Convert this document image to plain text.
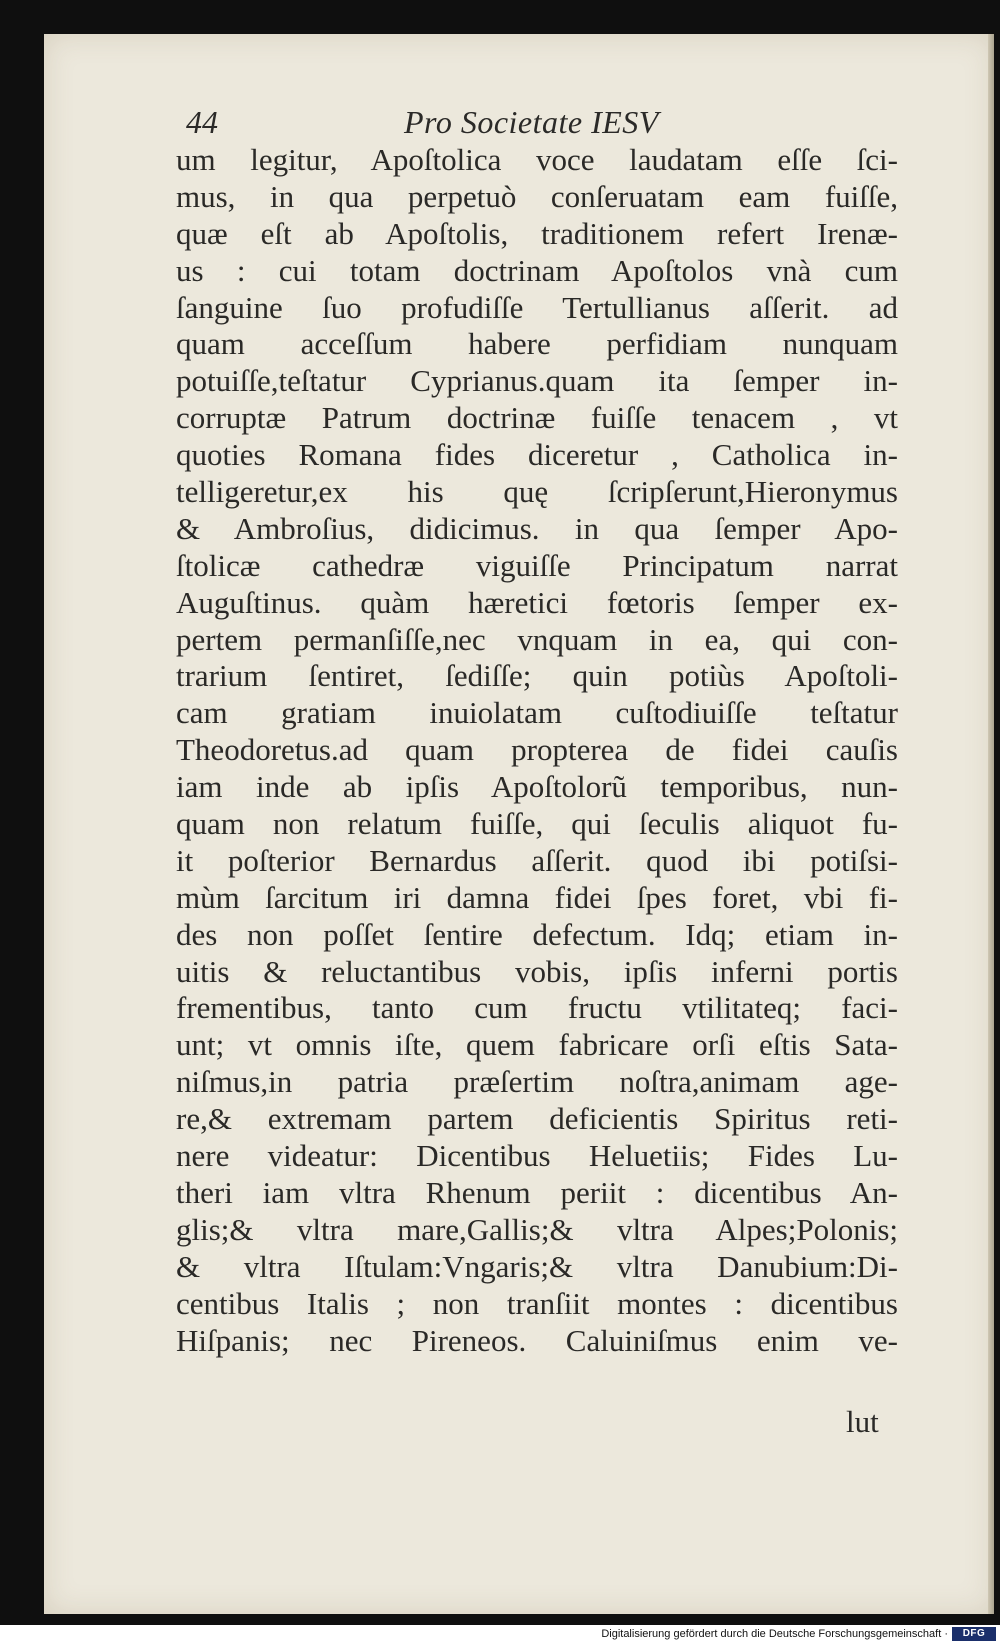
44	Pro Societate IESV
um legitur, Apoſtolica voce laudatam eſſe ſci-
mus, in qua perpetuò conſeruatam eam fuiſſe,
quæ eſt ab Apoſtolis, traditionem refert Irenæ-
us : cui totam doctrinam Apoſtolos vnà cum
ſanguine ſuo profudiſſe Tertullianus aſſerit. ad
quam acceſſum habere perfidiam nunquam
potuiſſe,teſtatur Cyprianus.quam ita ſemper in-
corruptæ Patrum doctrinæ fuiſſe tenacem , vt
quoties Romana fides diceretur , Catholica in-
telligeretur,ex his quę ſcripſerunt,Hieronymus
& Ambroſius, didicimus. in qua ſemper Apo-
ſtolicæ cathedræ viguiſſe Principatum narrat
Auguſtinus. quàm hæretici fœtoris ſemper ex-
pertem permanſiſſe,nec vnquam in ea, qui con-
trarium ſentiret, ſediſſe; quin potiùs Apoſtoli-
cam gratiam inuiolatam cuſtodiuiſſe teſtatur
Theodoretus.ad quam propterea de fidei cauſis
iam inde ab ipſis Apoſtolorũ temporibus, nun-
quam non relatum fuiſſe, qui ſeculis aliquot fu-
it poſterior Bernardus aſſerit. quod ibi potiſsi-
mùm ſarcitum iri damna fidei ſpes foret, vbi fi-
des non poſſet ſentire defectum. Idq; etiam in-
uitis & reluctantibus vobis, ipſis inferni portis
frementibus, tanto cum fructu vtilitateq; faci-
unt; vt omnis iſte, quem fabricare orſi eſtis Sata-
niſmus,in patria præſertim noſtra,animam age-
re,& extremam partem deficientis Spiritus reti-
nere videatur: Dicentibus Heluetiis; Fides Lu-
theri iam vltra Rhenum periit : dicentibus An-
glis;& vltra mare,Gallis;& vltra Alpes;Polonis;
& vltra Iſtulam:Vngaris;& vltra Danubium:Di-
centibus Italis ; non tranſiit montes : dicentibus
Hiſpanis; nec Pireneos. Caluiniſmus enim ve-
lut
Digitalisierung gefördert durch die Deutsche Forschungsgemeinschaft ·	DFG
